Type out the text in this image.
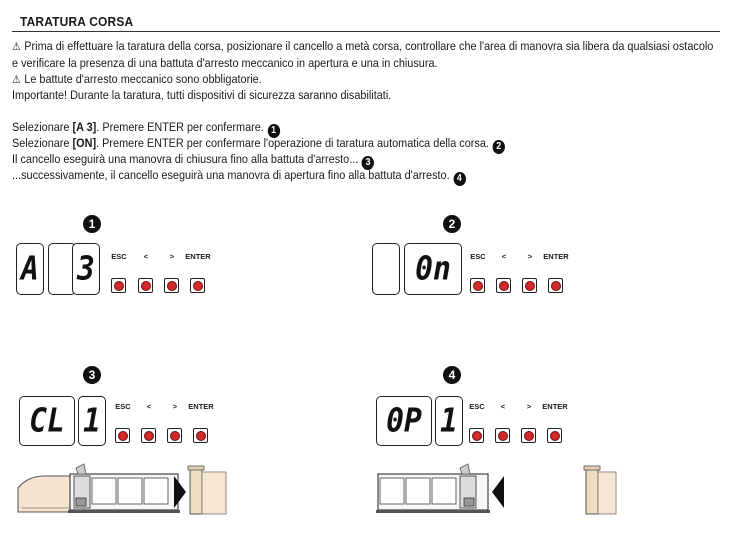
TARATURA CORSA
⚠ Prima di effettuare la taratura della corsa, posizionare il cancello a metà corsa, controllare che l'area di manovra sia libera da qualsiasi ostacolo
e verificare la presenza di una battuta d'arresto meccanico in apertura e una in chiusura.
⚠ Le battute d'arresto meccanico sono obbligatorie.
Importante! Durante la taratura, tutti dispositivi di sicurezza saranno disabilitati.
Selezionare [A 3]. Premere ENTER per confermare. 1
Selezionare [ON]. Premere ENTER per confermare l'operazione di taratura automatica della corsa. 2
Il cancello eseguirà una manovra di chiusura fino alla battuta d'arresto... 3
...successivamente, il cancello eseguirà una manovra di apertura fino alla battuta d'arresto. 4
1
A 3	ESC	<	>	ENTER
2
0n	ESC	<	>	ENTER
3
CL 1	ESC	<	>	ENTER
4
0P 1	ESC	<	>	ENTER
